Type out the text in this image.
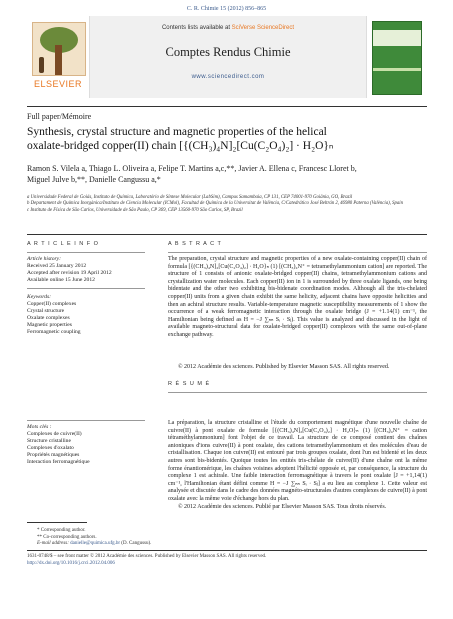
C. R. Chimie 15 (2012) 856–865
ELSEVIER
Contents lists available at SciVerse ScienceDirect
Comptes Rendus Chimie
www.sciencedirect.com
Full paper/Mémoire
Synthesis, crystal structure and magnetic properties of the helical
oxalate-bridged copper(II) chain [{(CH₃)₄N]₂[Cu(C₂O₄)₂] · H₂O}ₙ
Ramon S. Vilela a, Thiago L. Oliveira a, Felipe T. Martins a,c,**, Javier A. Ellena c, Francesc Lloret b,
Miguel Julve b,**, Danielle Cangussu a,*
a Universidade Federal de Goiás, Instituto de Química, Laboratório de Síntese Molecular (LabSim), Campus Samambaia, CP 131, CEP 74001-970 Goiânia, GO, Brazil
b Departament de Química Inorgànica/Instituto de Ciencia Molecular (ICMol), Facultad de Química de la Universitat de València, C/Catedrático José Beltrán 2, 46980 Paterna (València), Spain
c Instituto de Física de São Carlos, Universidade de São Paulo, CP 369, CEP 13560-970 São Carlos, SP, Brazil
A R T I C L E I N F O
Article history:
Received 25 January 2012
Accepted after revision 19 April 2012
Available online 15 June 2012
Keywords:
Copper(II) complexes
Crystal structure
Oxalate complexes
Magnetic properties
Ferromagnetic coupling
Mots clés :
Complexes de cuivre(II)
Structure cristalline
Complexes d'oxalato
Propriétés magnétiques
Interaction ferromagnétique
A B S T R A C T
The preparation, crystal structure and magnetic properties of a new oxalate-containing copper(II) chain of formula [{(CH₃)₄N]₂[Cu(C₂O₄)₂] · H₂O}ₙ (1) [(CH₃)₄N⁺ = tetramethylammonium cation] are reported. The structure of 1 consists of anionic oxalate-bridged copper(II) chains, tetramethylammonium cations and crystallization water molecules. Each copper(II) ion in 1 is surrounded by three oxalate ligands, one being bidentate and the other two exhibiting bis-bidenate coordination modes. Although all the tris-chelated copper(II) units from a given chain exhibit the same helicity, adjacent chains have opposite helicities and then an achiral structure results. Variable-temperature magnetic susceptibility measurements of 1 show the occurrence of a weak ferromagnetic interaction through the oxalate bridge (J = +1.14(1) cm⁻¹, the Hamiltonian being defined as H = −J ∑ₙₙ Sᵢ · Sⱼ). This value is analyzed and discussed in the light of available magneto-structural data for oxalate-bridged copper(II) complexes with the same out-of-plane exchange pathway.
© 2012 Académie des sciences. Published by Elsevier Masson SAS. All rights reserved.
R É S U M É
La préparation, la structure cristalline et l'étude du comportement magnétique d'une nouvelle chaîne de cuivre(II) à pont oxalate de formule [{(CH₃)₄N]₂[Cu(C₂O₄)₂] · H₂O}ₙ (1) [(CH₃)₄N⁺ = cation tétraméthylammonium] font l'objet de ce travail. La structure de ce composé contient des chaînes anioniques d'ions cuivre(II) à pont oxalate, des cations tetramethylammonium et des molécules d'eau de cristallisation. Chaque ion cuivre(II) est entouré par trois groupes oxalate, dont l'un est bidenté et les deux autres sont bis-bidentés. Quoique toutes les entités tris-chélate de cuivre(II) d'une chaîne ont la même forme énantiomérique, les chaînes voisines adoptent l'hélicité opposée et, par conséquence, la structure du complexe 1 est achirale. Une faible interaction ferromagnétique à travers le pont oxalate [J = +1,14(1) cm⁻¹, l'Hamiltonian étant défini comme H = −J ∑ₙₙ Sᵢ · Sⱼ] a eu lieu au complexe 1. Cette valeur est analysée et discutée dans le cadre des données magnéto-structurales d'autres complexes de cuivre(II) à pont oxalate avec la même voie d'échange hors du plan.
© 2012 Académie des sciences. Publié par Elsevier Masson SAS. Tous droits réservés.
* Corresponding author.
** Co-corresponding authors.
E-mail address: danielle@quimica.ufg.br (D. Cangussu).
1631-0748/$ – see front matter © 2012 Académie des sciences. Published by Elsevier Masson SAS. All rights reserved.
http://dx.doi.org/10.1016/j.crci.2012.04.006
